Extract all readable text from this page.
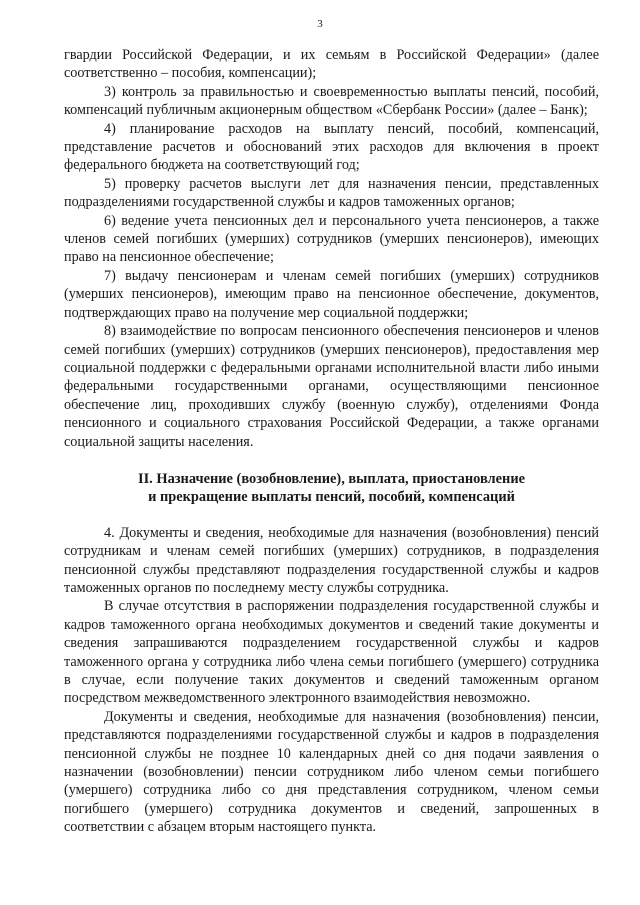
3

гвардии Российской Федерации, и их семьям в Российской Федерации» (далее соответственно – пособия, компенсации);

3) контроль за правильностью и своевременностью выплаты пенсий, пособий, компенсаций публичным акционерным обществом «Сбербанк России» (далее – Банк);

4) планирование расходов на выплату пенсий, пособий, компенсаций, представление расчетов и обоснований этих расходов для включения в проект федерального бюджета на соответствующий год;

5) проверку расчетов выслуги лет для назначения пенсии, представленных подразделениями государственной службы и кадров таможенных органов;

6) ведение учета пенсионных дел и персонального учета пенсионеров, а также членов семей погибших (умерших) сотрудников (умерших пенсионеров), имеющих право на пенсионное обеспечение;

7) выдачу пенсионерам и членам семей погибших (умерших) сотрудников (умерших пенсионеров), имеющим право на пенсионное обеспечение, документов, подтверждающих право на получение мер социальной поддержки;

8) взаимодействие по вопросам пенсионного обеспечения пенсионеров и членов семей погибших (умерших) сотрудников (умерших пенсионеров), предоставления мер социальной поддержки с федеральными органами исполнительной власти либо иными федеральными государственными органами, осуществляющими пенсионное обеспечение лиц, проходивших службу (военную службу), отделениями Фонда пенсионного и социального страхования Российской Федерации, а также органами социальной защиты населения.

II. Назначение (возобновление), выплата, приостановление
и прекращение выплаты пенсий, пособий, компенсаций

4. Документы и сведения, необходимые для назначения (возобновления) пенсий сотрудникам и членам семей погибших (умерших) сотрудников, в подразделения пенсионной службы представляют подразделения государственной службы и кадров таможенных органов по последнему месту службы сотрудника.

В случае отсутствия в распоряжении подразделения государственной службы и кадров таможенного органа необходимых документов и сведений такие документы и сведения запрашиваются подразделением государственной службы и кадров таможенного органа у сотрудника либо члена семьи погибшего (умершего) сотрудника в случае, если получение таких документов и сведений таможенным органом посредством межведомственного электронного взаимодействия невозможно.

Документы и сведения, необходимые для назначения (возобновления) пенсии, представляются подразделениями государственной службы и кадров в подразделения пенсионной службы не позднее 10 календарных дней со дня подачи заявления о назначении (возобновлении) пенсии сотрудником либо членом семьи погибшего (умершего) сотрудника либо со дня представления сотрудником, членом семьи погибшего (умершего) сотрудника документов и сведений, запрошенных в соответствии с абзацем вторым настоящего пункта.
